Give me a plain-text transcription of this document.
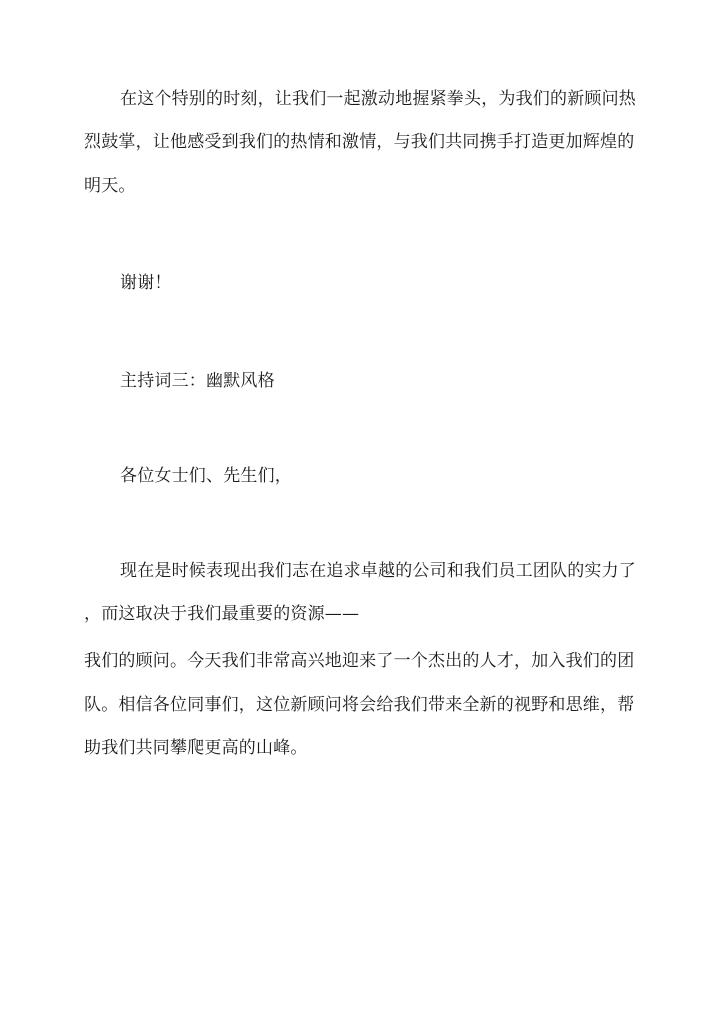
在这个特别的时刻，让我们一起激动地握紧拳头，为我们的新顾问热
烈鼓掌，让他感受到我们的热情和激情，与我们共同携手打造更加辉煌的
明天。
谢谢！
主持词三：幽默风格
各位女士们、先生们，
现在是时候表现出我们志在追求卓越的公司和我们员工团队的实力了
，而这取决于我们最重要的资源——
我们的顾问。今天我们非常高兴地迎来了一个杰出的人才，加入我们的团
队。相信各位同事们，这位新顾问将会给我们带来全新的视野和思维，帮
助我们共同攀爬更高的山峰。
